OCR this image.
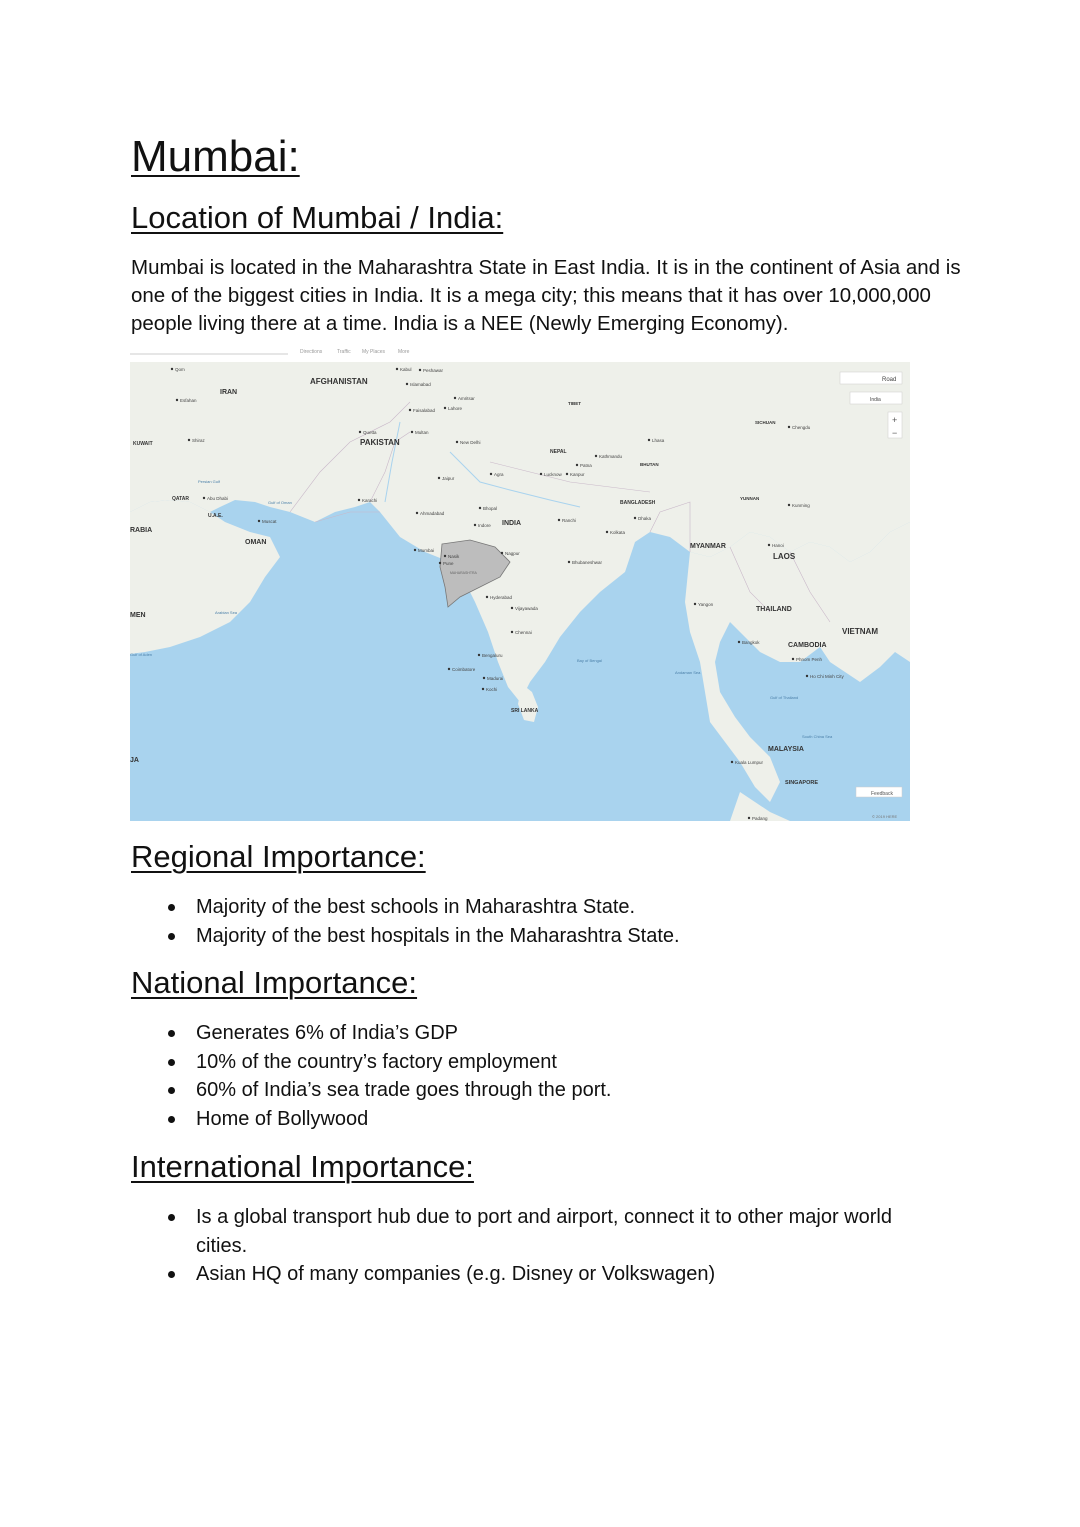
Mumbai:
Location of Mumbai / India:

Mumbai is located in the Maharashtra State in East India. It is in the continent of Asia and is one of the biggest cities in India. It is a mega city; this means that it has over 10,000,000 people living there at a time. India is a NEE (Newly Emerging Economy).

Directions	Traffic My Places	More
Road
India
+
−
Feedback
© 2019 HERE
AFGHANISTAN
IRAN
PAKISTAN
INDIA
NEPAL
BHUTAN
BANGLADESH
MYANMAR
LAOS
THAILAND
VIETNAM
CAMBODIA
MALAYSIA
SINGAPORE
SRI LANKA
OMAN
QATAR
U.A.E.
KUWAIT
RABIA
MEN
JA
TIBET
SICHUAN
YUNNAN
Kabul
Islamabad
Peshawar
Amritsar
Lahore
Faisalabad
Multan
Quetta
Karachi
New Delhi
Jaipur
Agra	Lucknow Kanpur
Patna
Kathmandu
Lhasa
Ahmadabad
Indore
Bhopal
Nagpur
Nasik
Mumbai
Pune
Hyderabad
Vijayawada
Chennai
Bengaluru
Madurai
Kochi
Coimbatore
Kolkata
Dhaka
Ranchi
Bhubaneshwar
Hanoi
Kunming
Chengdu
Bangkok
Yangon
Ho Chi Minh City
Phnom Penh
Kuala Lumpur
Padang
Shiraz
Esfahan
Qom
Muscat
Abu Dhabi
Arabian Sea
Bay of Bengal
Andaman Sea
South China Sea
Gulf of Oman
Persian Gulf
Gulf of Aden
Gulf of Thailand
MAHARASHTRA
Regional Importance:
Majority of the best schools in Maharashtra State.
Majority of the best hospitals in the Maharashtra State.
National Importance:
Generates 6% of India’s GDP
10% of the country’s factory employment
60% of India’s sea trade goes through the port.
Home of Bollywood
International Importance:
Is a global transport hub due to port and airport, connect it to other major world cities.
Asian HQ of many companies (e.g. Disney or Volkswagen)
